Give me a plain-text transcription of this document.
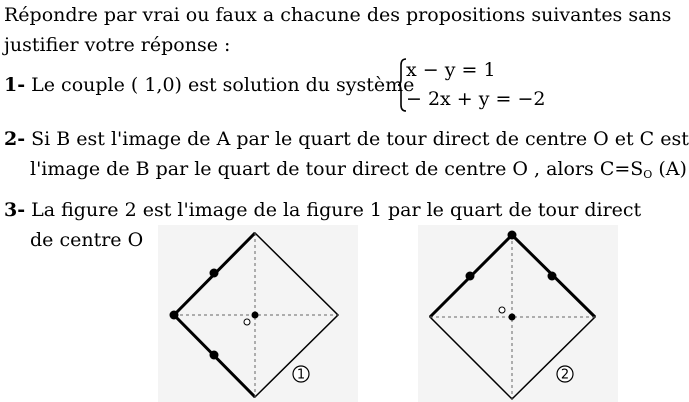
Répondre par vrai ou faux a chacune des propositions suivantes sans
justifier votre réponse :
1- Le couple ( 1,0) est solution du système
x − y = 1
− 2x + y = −2
2- Si B est l'image de A par le quart de tour direct de centre O et C est
l'image de B par le quart de tour direct de centre O , alors $C=S_O$ (A)
3- La figure 2 est l'image de la figure 1 par le quart de tour direct
de centre O
1	2
